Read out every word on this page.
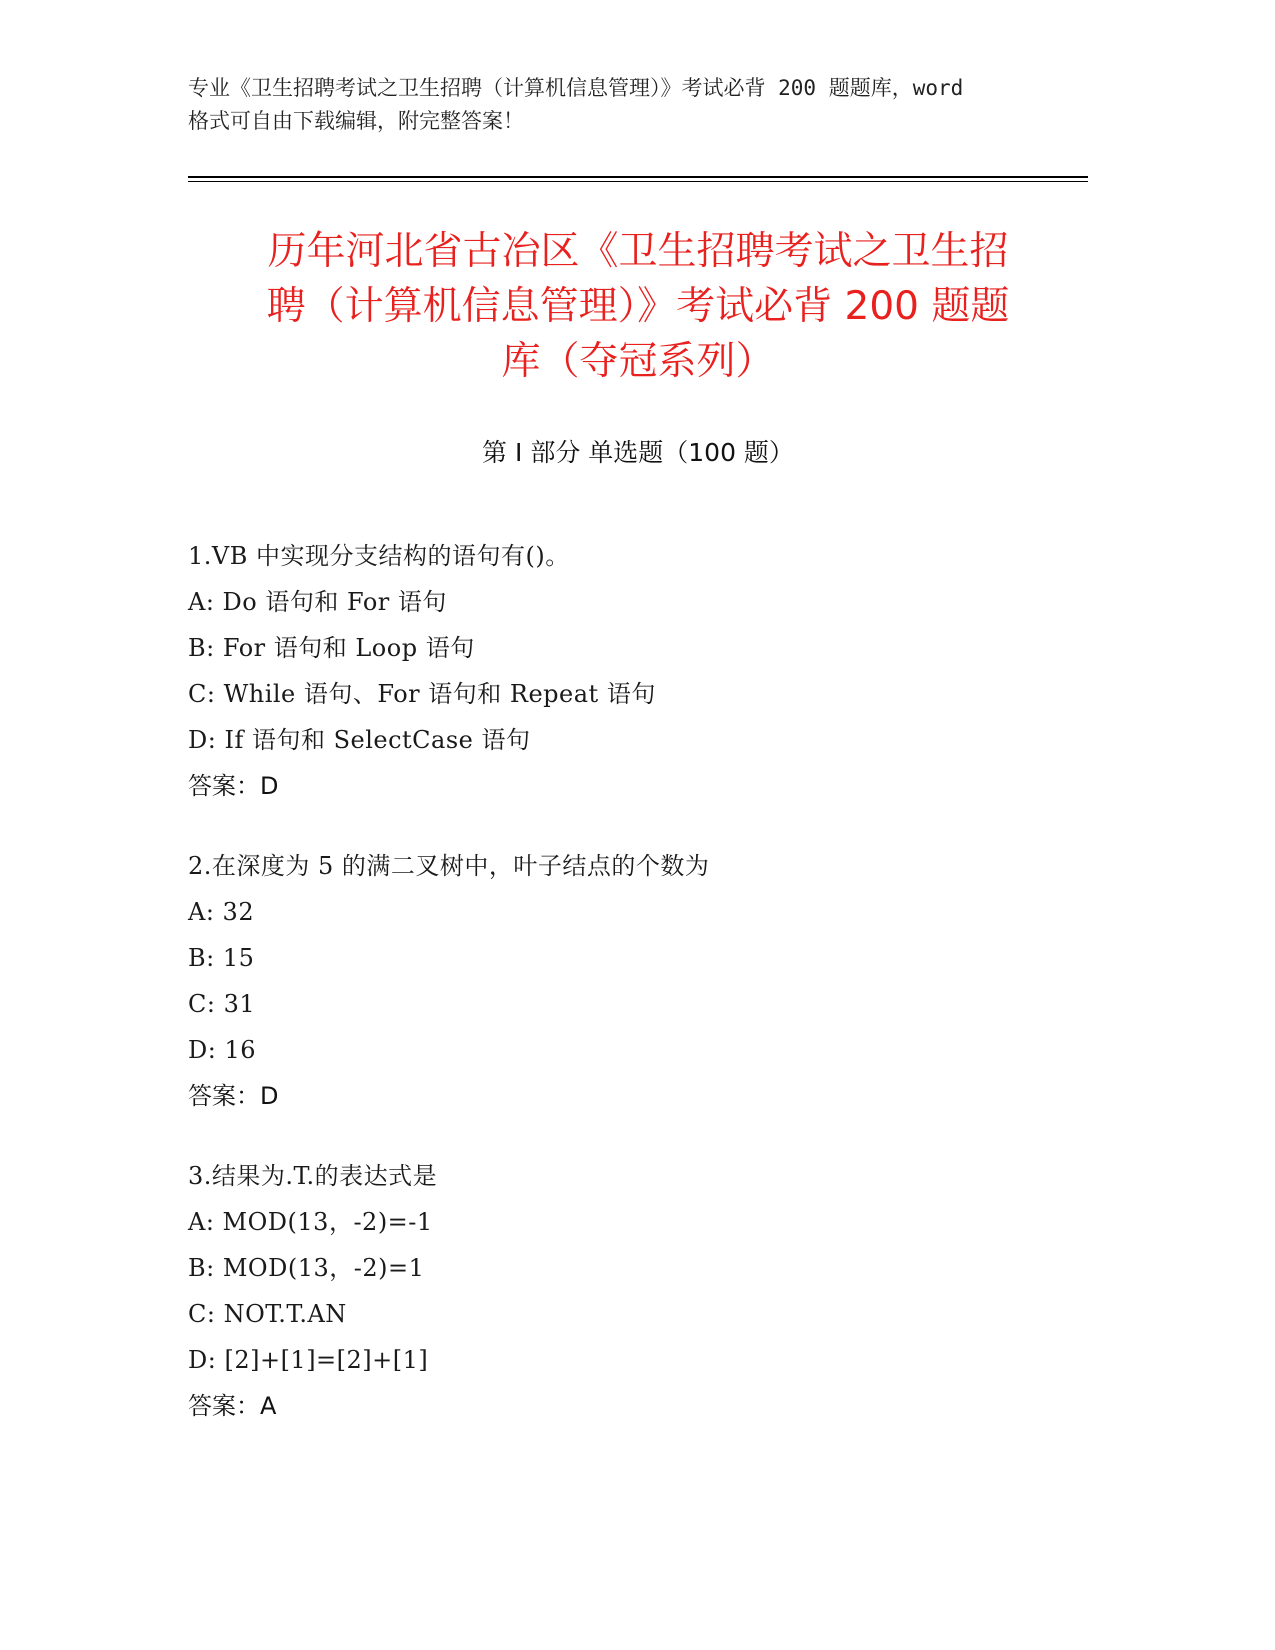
专业《卫生招聘考试之卫生招聘（计算机信息管理）》考试必背 200 题题库，word
格式可自由下载编辑，附完整答案！
历年河北省古冶区《卫生招聘考试之卫生招
聘（计算机信息管理）》考试必背 200 题题
库（夺冠系列）
第 I 部分 单选题（100 题）
1.VB 中实现分支结构的语句有()。
A: Do 语句和 For 语句
B: For 语句和 Loop 语句
C: While 语句、For 语句和 Repeat 语句
D: If 语句和 SelectCase 语句
答案：D
2.在深度为 5 的满二叉树中，叶子结点的个数为
A: 32
B: 15
C: 31
D: 16
答案：D
3.结果为.T.的表达式是
A: MOD(13，-2)=-1
B: MOD(13，-2)=1
C: NOT.T.AN
D: [2]+[1]=[2]+[1]
答案：A
